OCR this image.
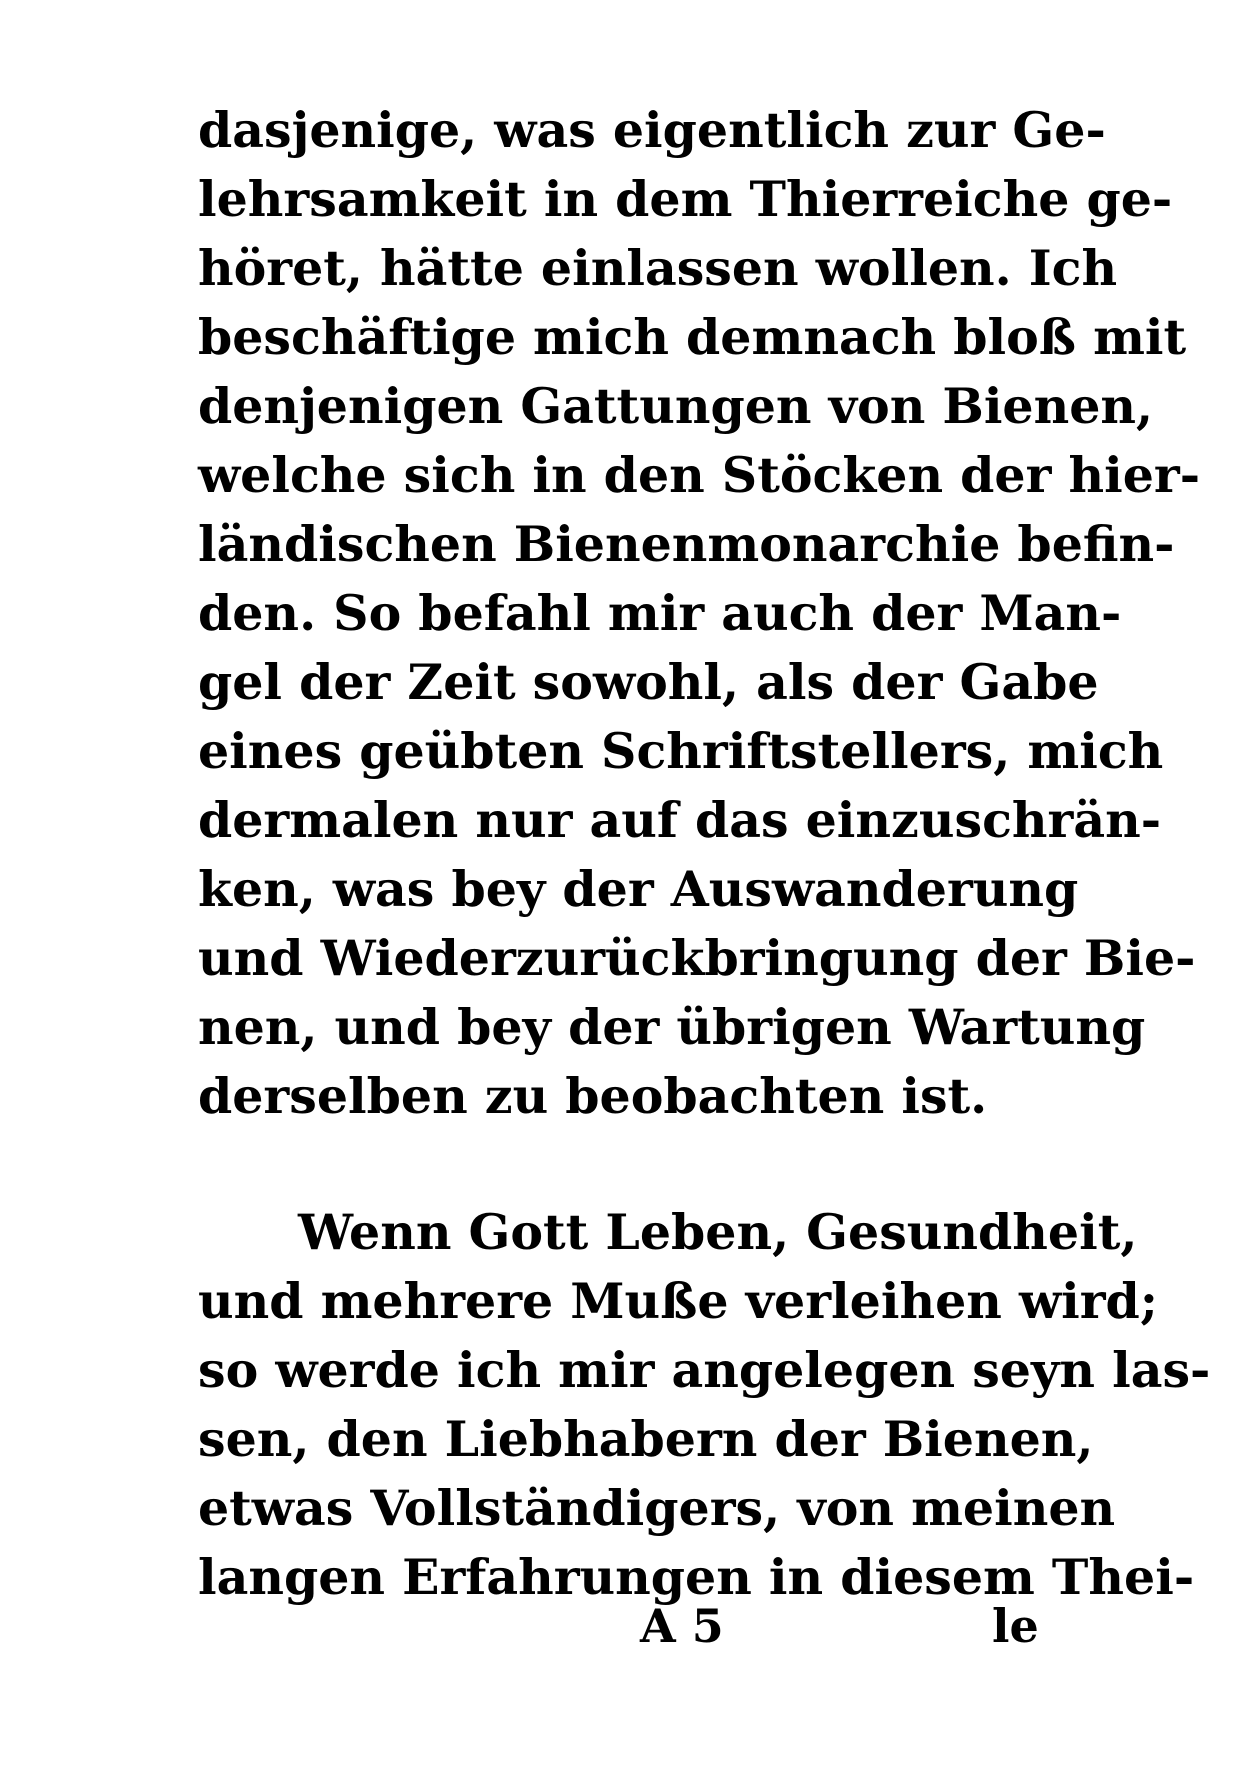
dasjenige, was eigentlich zur Ge-
lehrsamkeit in dem Thierreiche ge-
höret, hätte einlassen wollen. Ich
beschäftige mich demnach bloß mit
denjenigen Gattungen von Bienen,
welche sich in den Stöcken der hier-
ländischen Bienenmonarchie befin-
den. So befahl mir auch der Man-
gel der Zeit sowohl, als der Gabe
eines geübten Schriftstellers, mich
dermalen nur auf das einzuschrän-
ken, was bey der Auswanderung
und Wiederzurückbringung der Bie-
nen, und bey der übrigen Wartung
derselben zu beobachten ist.
Wenn Gott Leben, Gesundheit,
und mehrere Muße verleihen wird;
so werde ich mir angelegen seyn las-
sen, den Liebhabern der Bienen,
etwas Vollständigers, von meinen
langen Erfahrungen in diesem Thei-
A 5	le
